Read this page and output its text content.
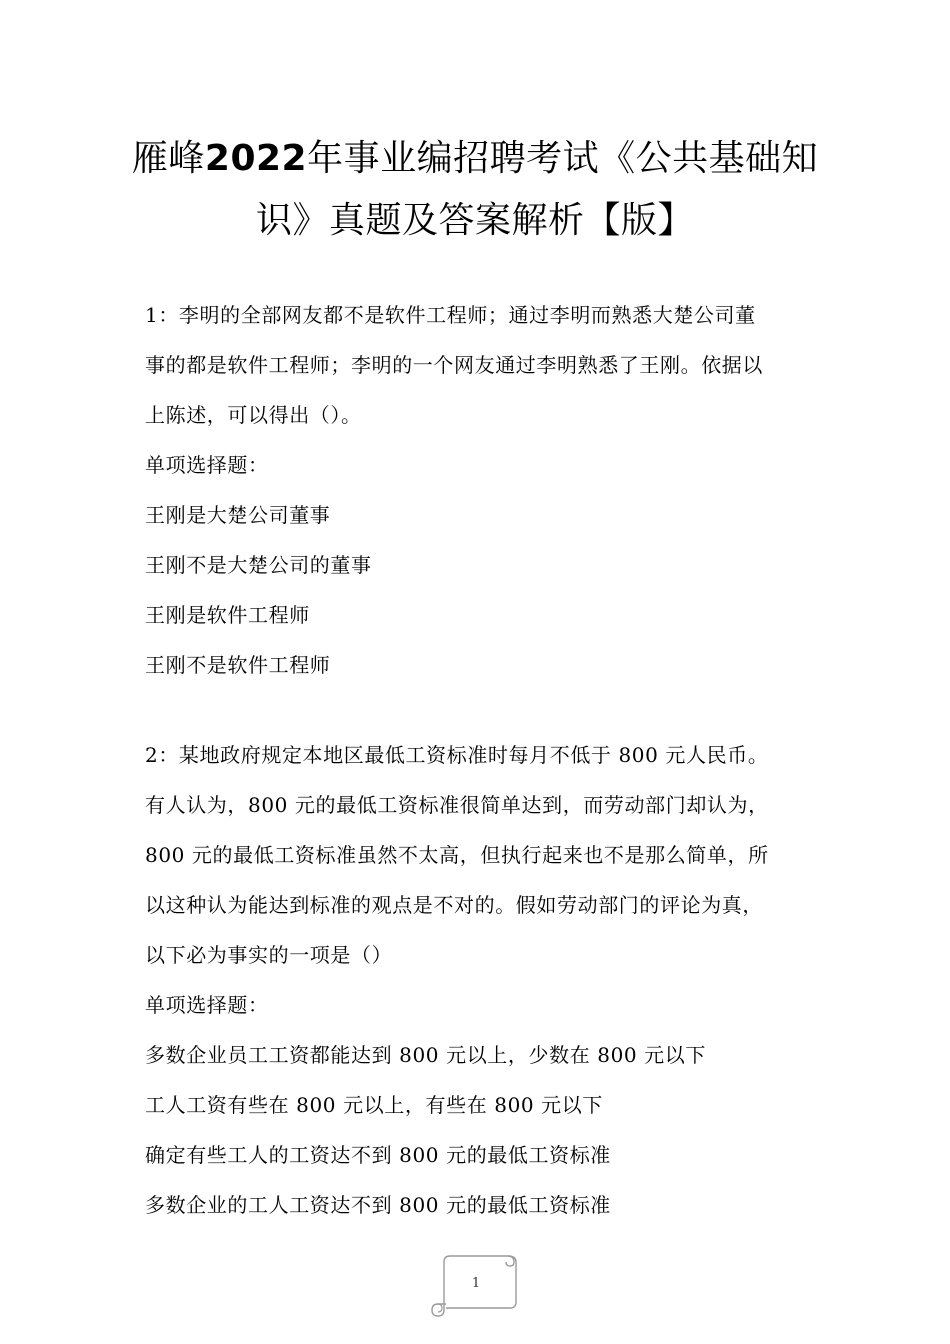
雁峰2022年事业编招聘考试《公共基础知
识》真题及答案解析【版】
1：李明的全部网友都不是软件工程师；通过李明而熟悉大楚公司董
事的都是软件工程师；李明的一个网友通过李明熟悉了王刚。依据以
上陈述，可以得出（）。
单项选择题：
王刚是大楚公司董事
王刚不是大楚公司的董事
王刚是软件工程师
王刚不是软件工程师
2：某地政府规定本地区最低工资标准时每月不低于 800 元人民币。
有人认为，800 元的最低工资标准很简单达到，而劳动部门却认为，
800 元的最低工资标准虽然不太高，但执行起来也不是那么简单，所
以这种认为能达到标准的观点是不对的。假如劳动部门的评论为真，
以下必为事实的一项是（）
单项选择题：
多数企业员工工资都能达到 800 元以上，少数在 800 元以下
工人工资有些在 800 元以上，有些在 800 元以下
确定有些工人的工资达不到 800 元的最低工资标准
多数企业的工人工资达不到 800 元的最低工资标准
1
